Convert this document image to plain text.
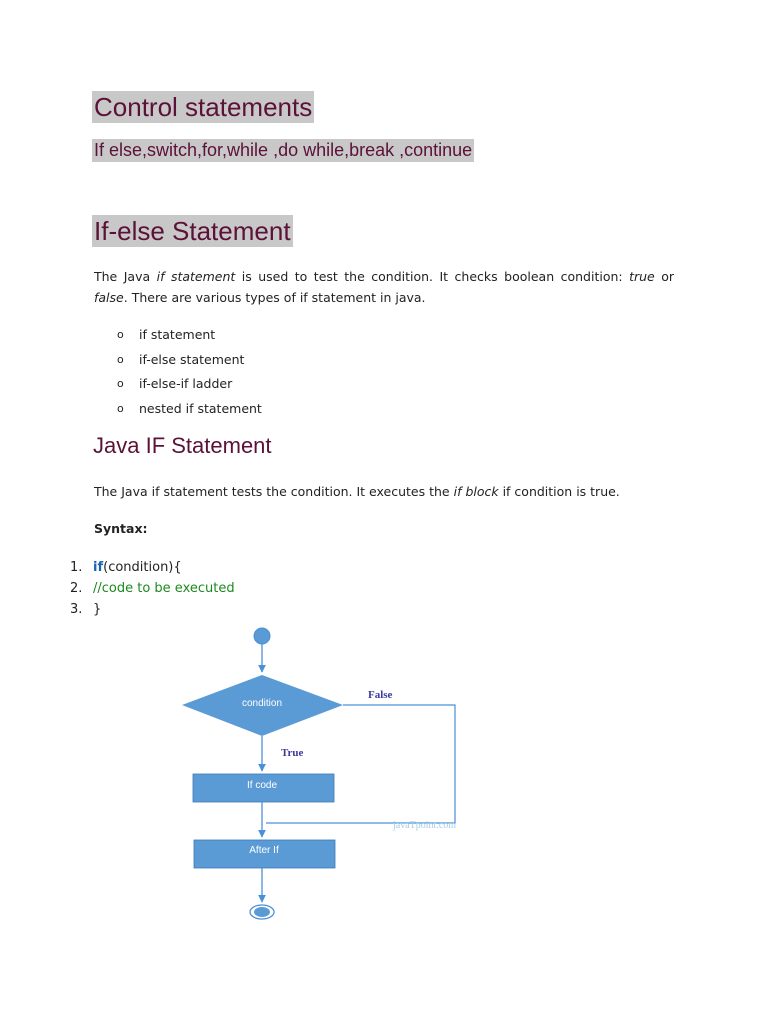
Control statements
If else,switch,for,while ,do while,break ,continue
If-else Statement
The Java if statement is used to test the condition. It checks boolean condition: true or false. There are various types of if statement in java.
o	if statement
o	if-else statement
o	if-else-if ladder
o	nested if statement
Java IF Statement
The Java if statement tests the condition. It executes the if block if condition is true.
Syntax:
1. if (condition){
2. //code to be executed
3. }
condition
False
True
If code
javaTpoint.com
After If
